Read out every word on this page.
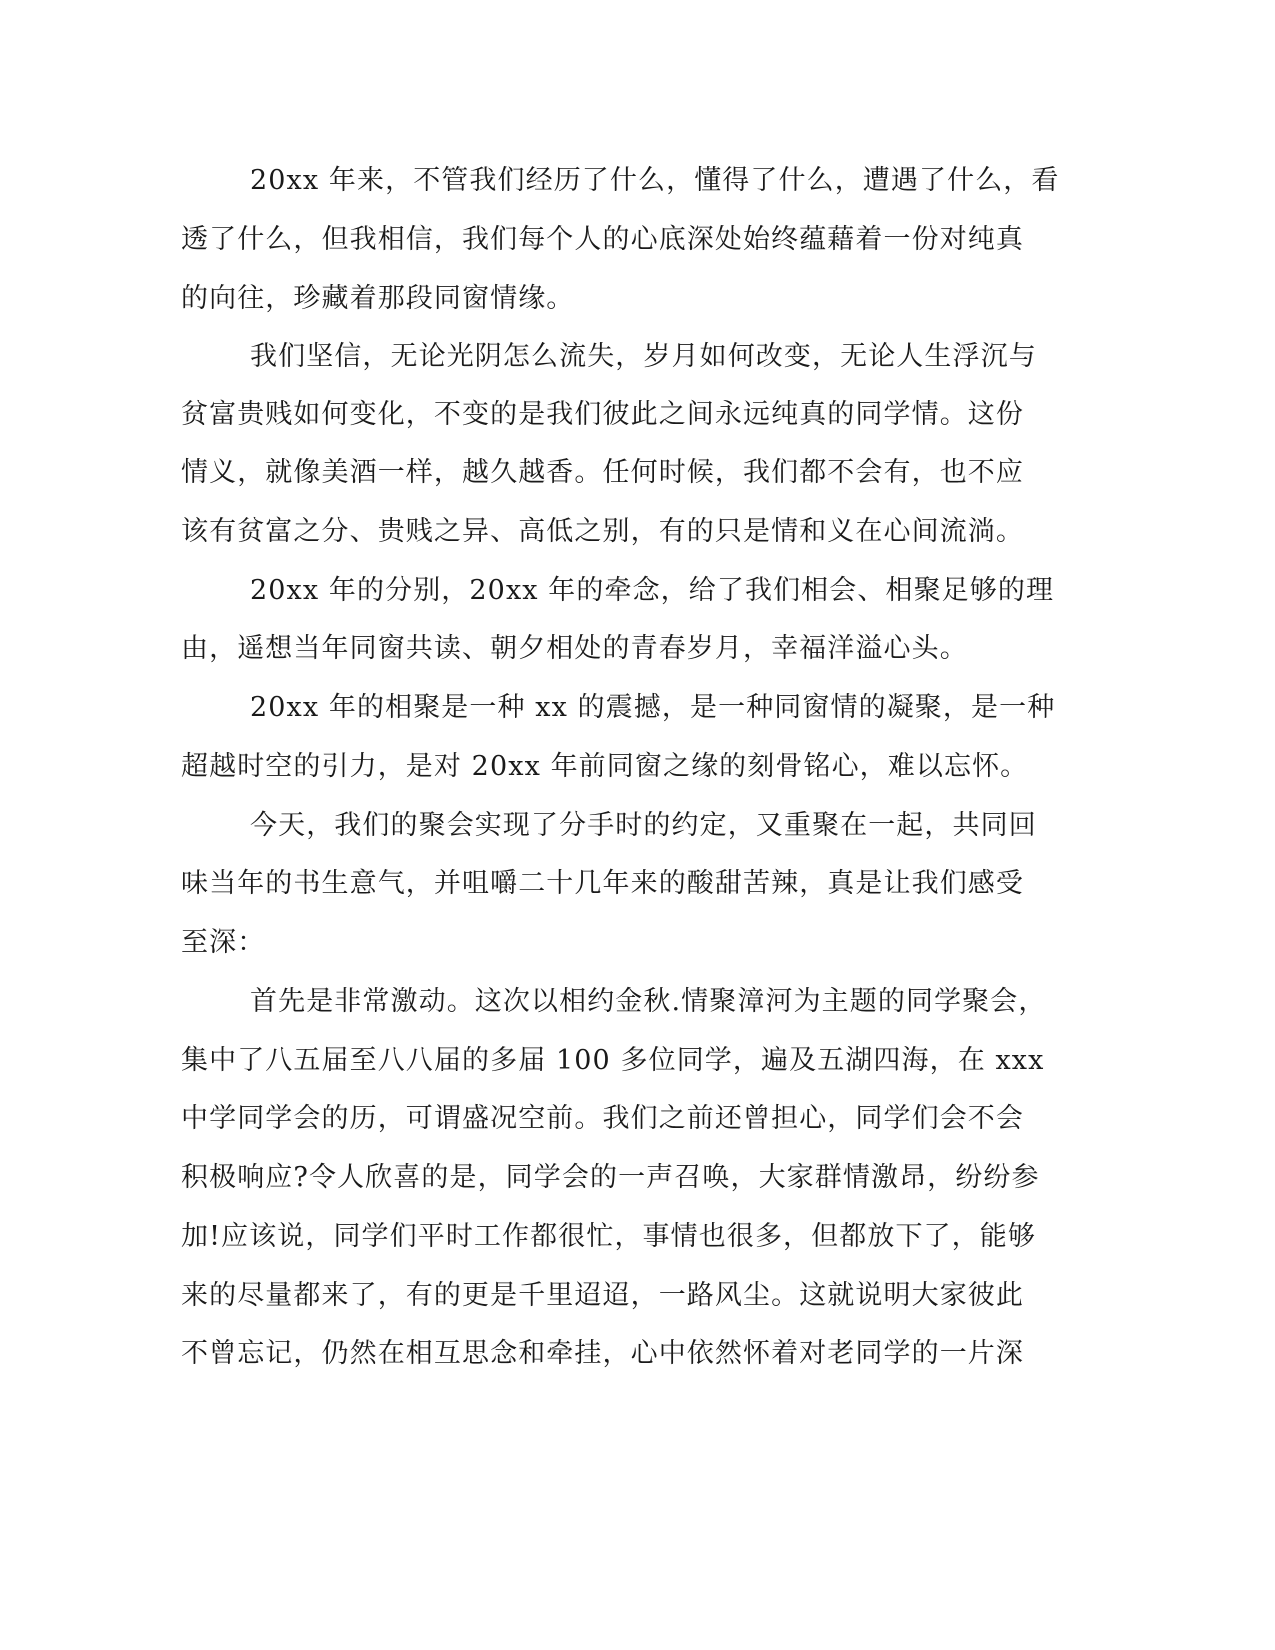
20xx 年来，不管我们经历了什么，懂得了什么，遭遇了什么，看
透了什么，但我相信，我们每个人的心底深处始终蕴藉着一份对纯真
的向往，珍藏着那段同窗情缘。
我们坚信，无论光阴怎么流失，岁月如何改变，无论人生浮沉与
贫富贵贱如何变化，不变的是我们彼此之间永远纯真的同学情。这份
情义，就像美酒一样，越久越香。任何时候，我们都不会有，也不应
该有贫富之分、贵贱之异、高低之别，有的只是情和义在心间流淌。
20xx 年的分别，20xx 年的牵念，给了我们相会、相聚足够的理
由，遥想当年同窗共读、朝夕相处的青春岁月，幸福洋溢心头。
20xx 年的相聚是一种 xx 的震撼，是一种同窗情的凝聚，是一种
超越时空的引力，是对 20xx 年前同窗之缘的刻骨铭心，难以忘怀。
今天，我们的聚会实现了分手时的约定，又重聚在一起，共同回
味当年的书生意气，并咀嚼二十几年来的酸甜苦辣，真是让我们感受
至深：
首先是非常激动。这次以相约金秋.情聚漳河为主题的同学聚会，
集中了八五届至八八届的多届 100 多位同学，遍及五湖四海，在 xxx
中学同学会的历，可谓盛况空前。我们之前还曾担心，同学们会不会
积极响应?令人欣喜的是，同学会的一声召唤，大家群情激昂，纷纷参
加!应该说，同学们平时工作都很忙，事情也很多，但都放下了，能够
来的尽量都来了，有的更是千里迢迢，一路风尘。这就说明大家彼此
不曾忘记，仍然在相互思念和牵挂，心中依然怀着对老同学的一片深
